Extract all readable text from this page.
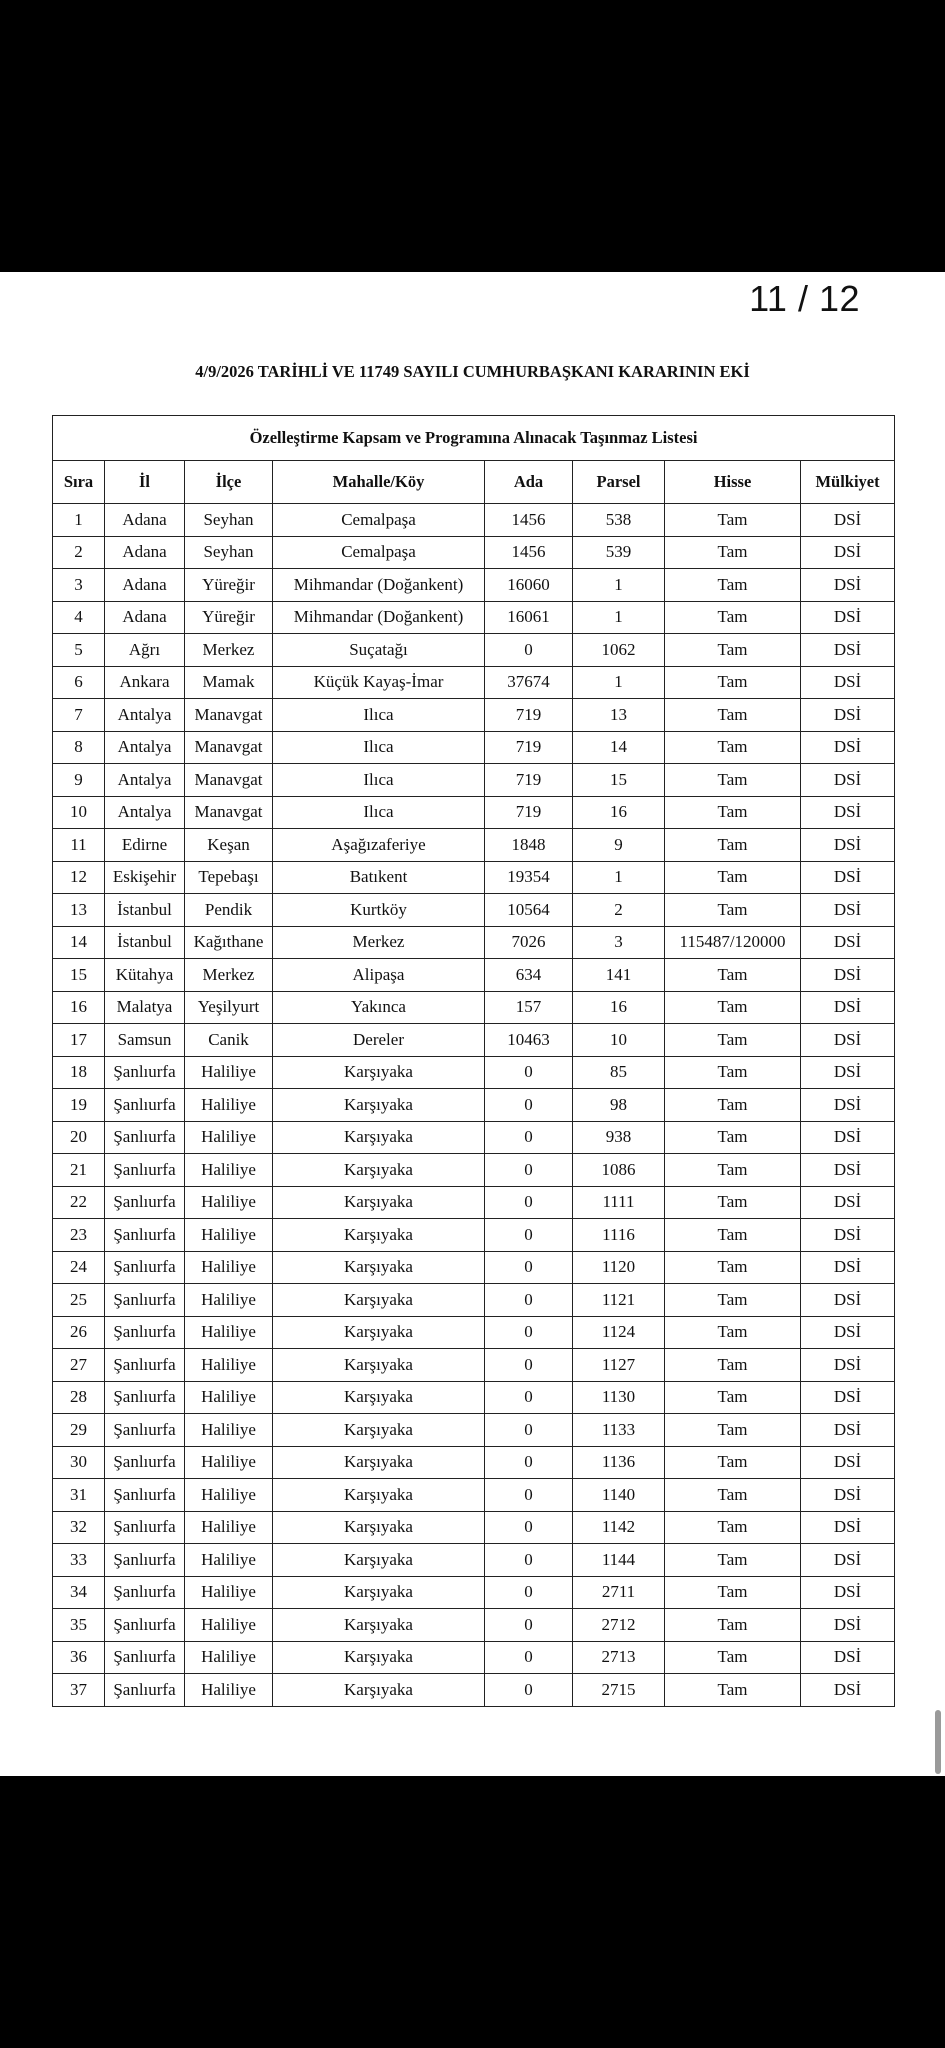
11 / 12
4/9/2026 TARİHLİ VE 11749 SAYILI CUMHURBAŞKANI KARARININ EKİ
Özelleştirme Kapsam ve Programına Alınacak Taşınmaz Listesi							
Sıra	İl	İlçe	Mahalle/Köy	Ada	Parsel	Hisse	Mülkiyet
1	Adana	Seyhan	Cemalpaşa	1456	538	Tam	DSİ
2	Adana	Seyhan	Cemalpaşa	1456	539	Tam	DSİ
3	Adana	Yüreğir	Mihmandar (Doğankent)	16060	1	Tam	DSİ
4	Adana	Yüreğir	Mihmandar (Doğankent)	16061	1	Tam	DSİ
5	Ağrı	Merkez	Suçatağı	0	1062	Tam	DSİ
6	Ankara	Mamak	Küçük Kayaş-İmar	37674	1	Tam	DSİ
7	Antalya	Manavgat	Ilıca	719	13	Tam	DSİ
8	Antalya	Manavgat	Ilıca	719	14	Tam	DSİ
9	Antalya	Manavgat	Ilıca	719	15	Tam	DSİ
10	Antalya	Manavgat	Ilıca	719	16	Tam	DSİ
11	Edirne	Keşan	Aşağızaferiye	1848	9	Tam	DSİ
12	Eskişehir	Tepebaşı	Batıkent	19354	1	Tam	DSİ
13	İstanbul	Pendik	Kurtköy	10564	2	Tam	DSİ
14	İstanbul	Kağıthane	Merkez	7026	3	115487/120000	DSİ
15	Kütahya	Merkez	Alipaşa	634	141	Tam	DSİ
16	Malatya	Yeşilyurt	Yakınca	157	16	Tam	DSİ
17	Samsun	Canik	Dereler	10463	10	Tam	DSİ
18	Şanlıurfa	Haliliye	Karşıyaka	0	85	Tam	DSİ
19	Şanlıurfa	Haliliye	Karşıyaka	0	98	Tam	DSİ
20	Şanlıurfa	Haliliye	Karşıyaka	0	938	Tam	DSİ
21	Şanlıurfa	Haliliye	Karşıyaka	0	1086	Tam	DSİ
22	Şanlıurfa	Haliliye	Karşıyaka	0	1111	Tam	DSİ
23	Şanlıurfa	Haliliye	Karşıyaka	0	1116	Tam	DSİ
24	Şanlıurfa	Haliliye	Karşıyaka	0	1120	Tam	DSİ
25	Şanlıurfa	Haliliye	Karşıyaka	0	1121	Tam	DSİ
26	Şanlıurfa	Haliliye	Karşıyaka	0	1124	Tam	DSİ
27	Şanlıurfa	Haliliye	Karşıyaka	0	1127	Tam	DSİ
28	Şanlıurfa	Haliliye	Karşıyaka	0	1130	Tam	DSİ
29	Şanlıurfa	Haliliye	Karşıyaka	0	1133	Tam	DSİ
30	Şanlıurfa	Haliliye	Karşıyaka	0	1136	Tam	DSİ
31	Şanlıurfa	Haliliye	Karşıyaka	0	1140	Tam	DSİ
32	Şanlıurfa	Haliliye	Karşıyaka	0	1142	Tam	DSİ
33	Şanlıurfa	Haliliye	Karşıyaka	0	1144	Tam	DSİ
34	Şanlıurfa	Haliliye	Karşıyaka	0	2711	Tam	DSİ
35	Şanlıurfa	Haliliye	Karşıyaka	0	2712	Tam	DSİ
36	Şanlıurfa	Haliliye	Karşıyaka	0	2713	Tam	DSİ
37	Şanlıurfa	Haliliye	Karşıyaka	0	2715	Tam	DSİ
